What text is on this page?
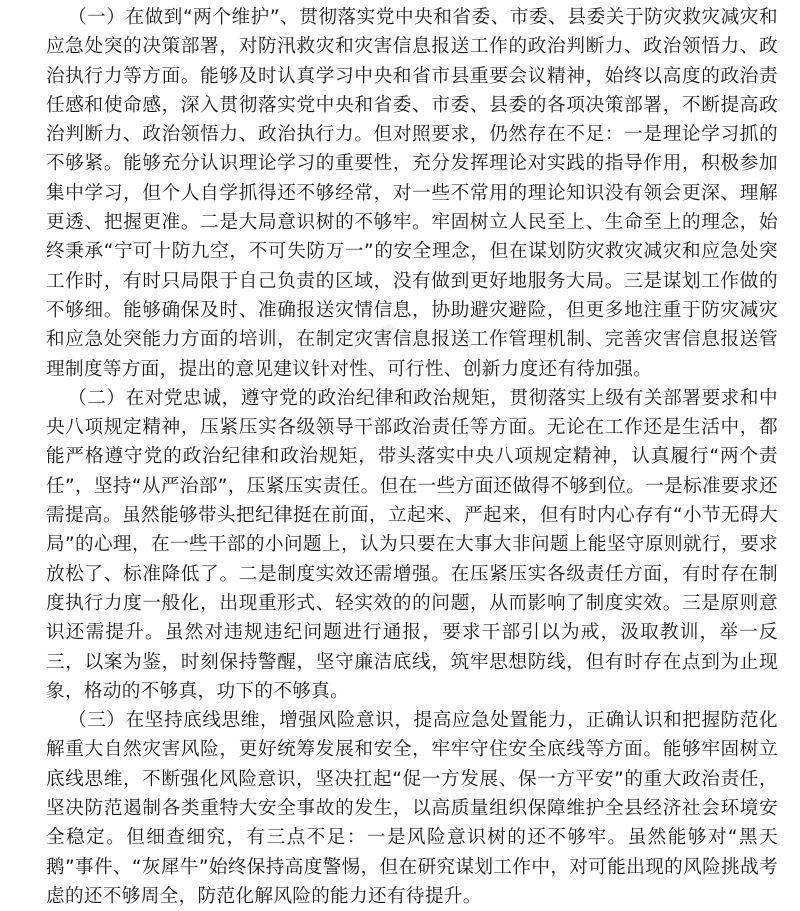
▪ ▪ ▪

（一）在做到“两个维护”、贯彻落实党中央和省委、市委、县委关于防灾救灾减灾和应急处突的决策部署，对防汛救灾和灾害信息报送工作的政治判断力、政治领悟力、政治执行力等方面。能够及时认真学习中央和省市县重要会议精神，始终以高度的政治责任感和使命感，深入贯彻落实党中央和省委、市委、县委的各项决策部署，不断提高政治判断力、政治领悟力、政治执行力。但对照要求，仍然存在不足：一是理论学习抓的不够紧。能够充分认识理论学习的重要性，充分发挥理论对实践的指导作用，积极参加集中学习，但个人自学抓得还不够经常，对一些不常用的理论知识没有领会更深、理解更透、把握更准。二是大局意识树的不够牢。牢固树立人民至上、生命至上的理念，始终秉承“宁可十防九空，不可失防万一”的安全理念，但在谋划防灾救灾减灾和应急处突工作时，有时只局限于自己负责的区域，没有做到更好地服务大局。三是谋划工作做的不够细。能够确保及时、准确报送灾情信息，协助避灾避险，但更多地注重于防灾减灾和应急处突能力方面的培训，在制定灾害信息报送工作管理机制、完善灾害信息报送管理制度等方面，提出的意见建议针对性、可行性、创新力度还有待加强。

（二）在对党忠诚，遵守党的政治纪律和政治规矩，贯彻落实上级有关部署要求和中央八项规定精神，压紧压实各级领导干部政治责任等方面。无论在工作还是生活中，都能严格遵守党的政治纪律和政治规矩，带头落实中央八项规定精神，认真履行“两个责任”，坚持“从严治部”，压紧压实责任。但在一些方面还做得不够到位。一是标准要求还需提高。虽然能够带头把纪律挺在前面，立起来、严起来，但有时内心存有“小节无碍大局”的心理，在一些干部的小问题上，认为只要在大事大非问题上能坚守原则就行，要求放松了、标准降低了。二是制度实效还需增强。在压紧压实各级责任方面，有时存在制度执行力度一般化，出现重形式、轻实效的的问题，从而影响了制度实效。三是原则意识还需提升。虽然对违规违纪问题进行通报，要求干部引以为戒，汲取教训，举一反三，以案为鉴，时刻保持警醒，坚守廉洁底线，筑牢思想防线，但有时存在点到为止现象，格动的不够真，功下的不够真。

（三）在坚持底线思维，增强风险意识，提高应急处置能力，正确认识和把握防范化解重大自然灾害风险，更好统筹发展和安全，牢牢守住安全底线等方面。能够牢固树立底线思维，不断强化风险意识，坚决扛起“促一方发展、保一方平安”的重大政治责任，坚决防范遏制各类重特大安全事故的发生，以高质量组织保障维护全县经济社会环境安全稳定。但细查细究，有三点不足：一是风险意识树的还不够牢。虽然能够对“黑天鹅”事件、“灰犀牛”始终保持高度警惕，但在研究谋划工作中，对可能出现的风险挑战考虑的还不够周全，防范化解风险的能力还有待提升。
